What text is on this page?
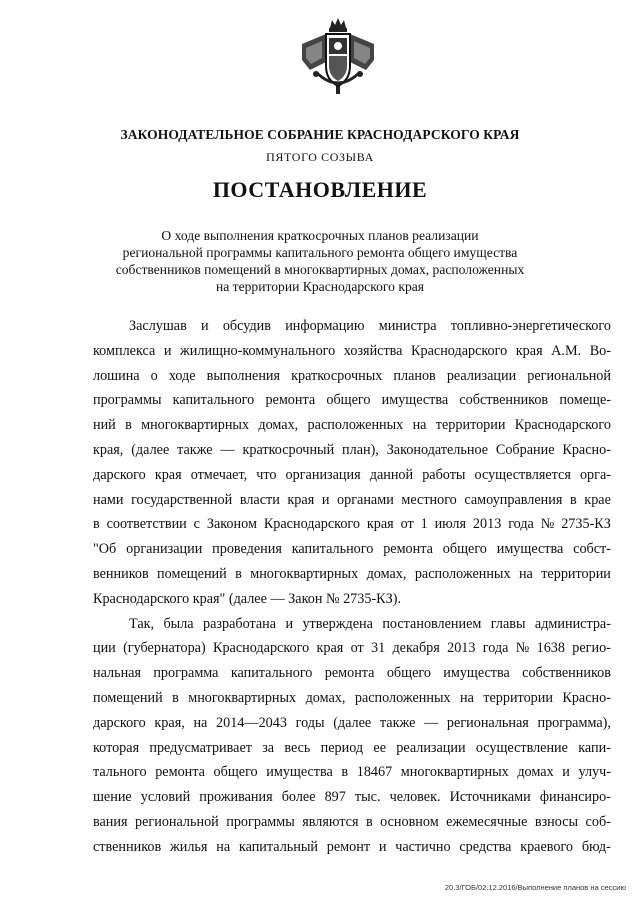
ЗАКОНОДАТЕЛЬНОЕ СОБРАНИЕ КРАСНОДАРСКОГО КРАЯ
ПЯТОГО СОЗЫВА
ПОСТАНОВЛЕНИЕ
О ходе выполнения краткосрочных планов реализации
региональной программы капитального ремонта общего имущества
собственников помещений в многоквартирных домах, расположенных
на территории Краснодарского края
Заслушав и обсудив информацию министра топливно-энергетического
комплекса и жилищно-коммунального хозяйства Краснодарского края А.М. Во-
лошина о ходе выполнения краткосрочных планов реализации региональной
программы капитального ремонта общего имущества собственников помеще-
ний в многоквартирных домах, расположенных на территории Краснодарского
края, (далее также — краткосрочный план), Законодательное Собрание Красно-
дарского края отмечает, что организация данной работы осуществляется орга-
нами государственной власти края и органами местного самоуправления в крае
в соответствии с Законом Краснодарского края от 1 июля 2013 года № 2735-КЗ
"Об организации проведения капитального ремонта общего имущества собст-
венников помещений в многоквартирных домах, расположенных на территории
Краснодарского края" (далее — Закон № 2735-КЗ).
Так, была разработана и утверждена постановлением главы администра-
ции (губернатора) Краснодарского края от 31 декабря 2013 года № 1638 регио-
нальная программа капитального ремонта общего имущества собственников
помещений в многоквартирных домах, расположенных на территории Красно-
дарского края, на 2014—2043 годы (далее также — региональная программа),
которая предусматривает за весь период ее реализации осуществление капи-
тального ремонта общего имущества в 18467 многоквартирных домах и улуч-
шение условий проживания более 897 тыс. человек. Источниками финансиро-
вания региональной программы являются в основном ежемесячные взносы соб-
ственников жилья на капитальный ремонт и частично средства краевого бюд-
20.3/ГОБ/02.12.2016/Выполнение планов на сессию
